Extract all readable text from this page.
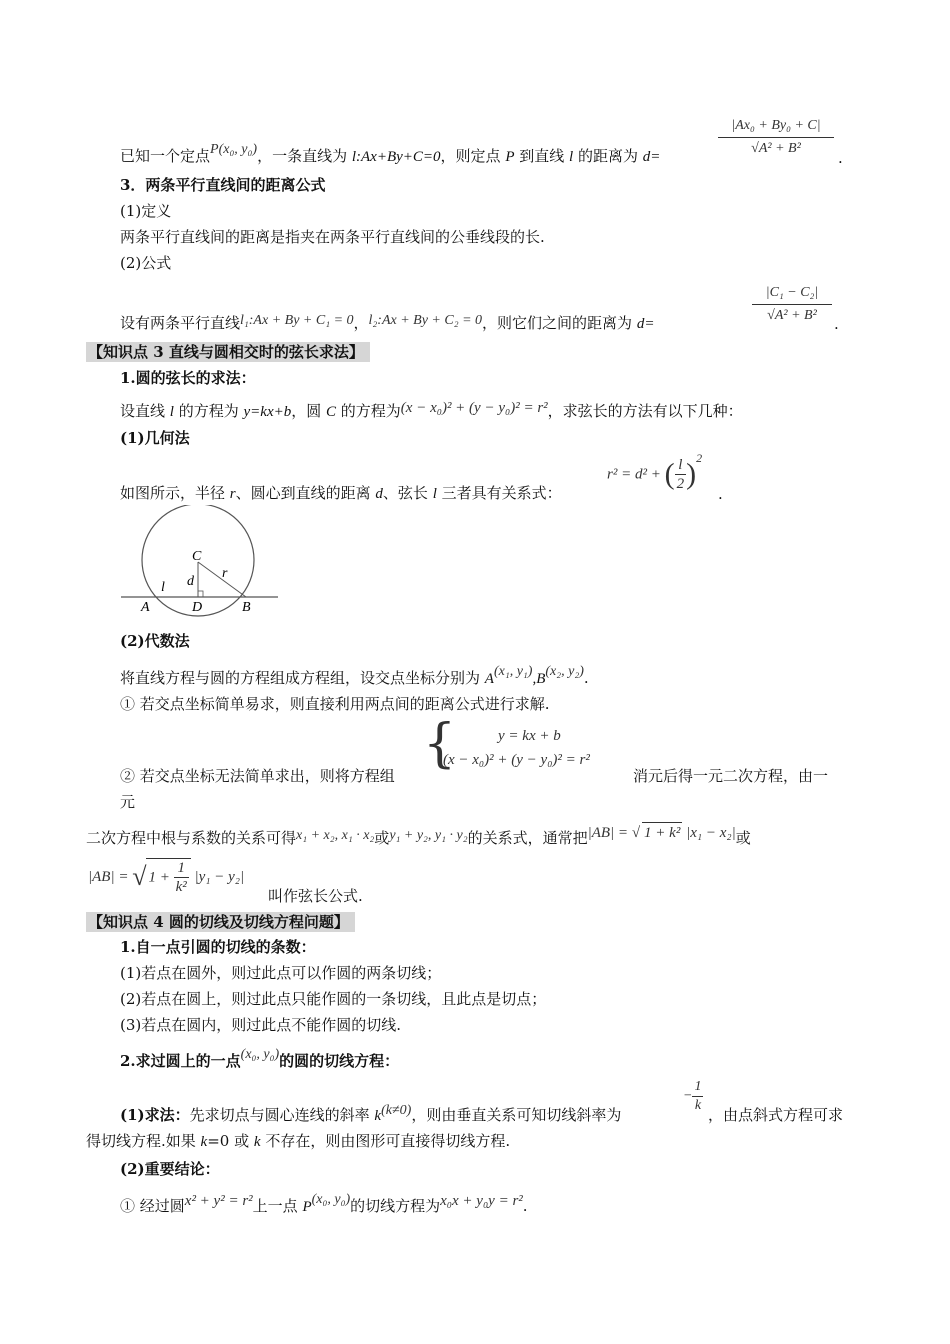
已知一个定点P(x₀, y₀)，一条直线为 l:Ax+By+C=0，则定点 P 到直线 l 的距离为 d=	$\frac{\text{|Ax₀ + By₀ + C|}}{\text{√A² + B²}}$ .
3．两条平行直线间的距离公式
(1)定义
两条平行直线间的距离是指夹在两条平行直线间的公垂线段的长.
(2)公式
设有两条平行直线l₁:Ax + By + C₁ = 0，l₂:Ax + By + C₂ = 0，则它们之间的距离为 d=	$\frac{\text{|C₁ − C₂|}}{\text{√A² + B²}}$ .
【知识点 3 直线与圆相交时的弦长求法】
1.圆的弦长的求法：
设直线 l 的方程为 y=kx+b，圆 C 的方程为(x − x₀)² + (y − y₀)² = r²，求弦长的方法有以下几种：
(1)几何法
如图所示，半径 r、圆心到直线的距离 d、弦长 l 三者具有关系式：
r² = d² + ( $\frac{l}{2} )^2$
.
C
d
r
l
A	D	B
(2)代数法
将直线方程与圆的方程组成方程组，设交点坐标分别为 A(x₁, y₁),B(x₂, y₂).
① 若交点坐标简单易求，则直接利用两点间的距离公式进行求解.
② 若交点坐标无法简单求出，则将方程组
{	y = kx + b
(x − x₀)² + (y − y₀)² = r²
消元后得一元二次方程，由一
元
二次方程中根与系数的关系可得x₁ + x₂, x₁ · x₂或y₁ + y₂, y₁ · y₂的关系式，通常把|AB| = √ 1 + k² |x₁ − x₂|或
|AB| = √ $1 + \frac{1}{\text{k²}} |y_1 - y_2|$
叫作弦长公式.
【知识点 4 圆的切线及切线方程问题】
1.自一点引圆的切线的条数：
(1)若点在圆外，则过此点可以作圆的两条切线；
(2)若点在圆上，则过此点只能作圆的一条切线，且此点是切点；
(3)若点在圆内，则过此点不能作圆的切线.
2.求过圆上的一点(x₀, y₀)的圆的切线方程：
(1)求法：先求切点与圆心连线的斜率 k(k≠0)，则由垂直关系可知切线斜率为
− $\frac{1}{k}$ ，由点斜式方程可求
得切线方程.如果 k=0 或 k 不存在，则由图形可直接得切线方程.
(2)重要结论：
① 经过圆x² + y² = r²上一点 P(x₀, y₀)的切线方程为x₀x + y₀y = r².
